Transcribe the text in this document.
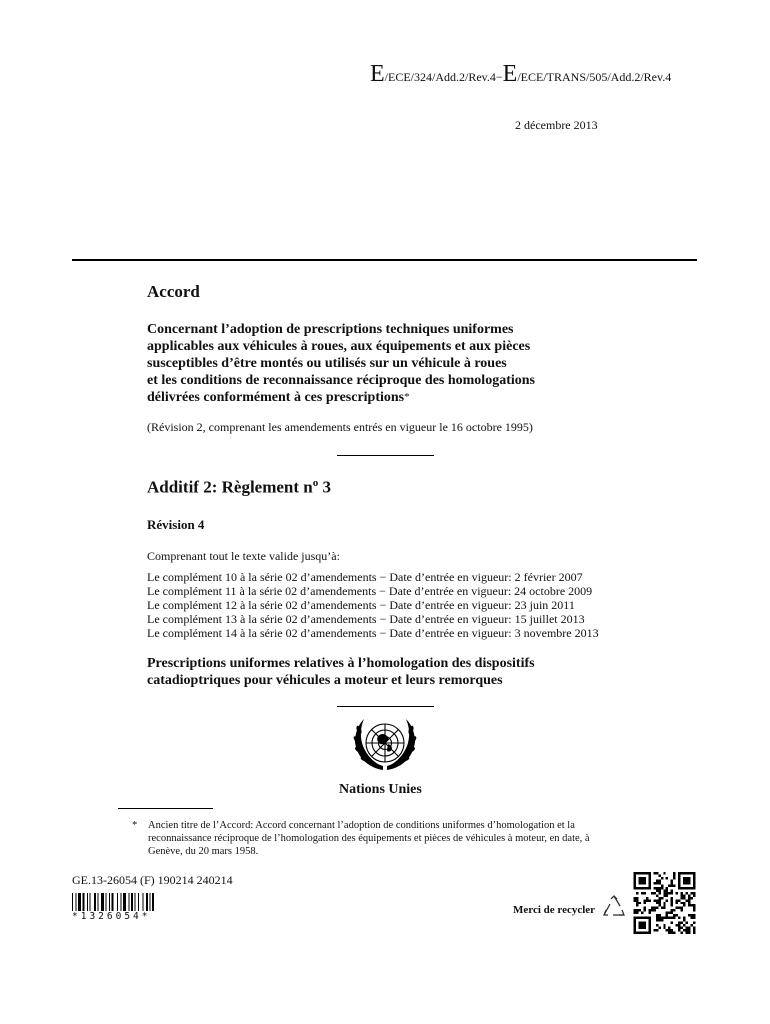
E/ECE/324/Add.2/Rev.4−E/ECE/TRANS/505/Add.2/Rev.4
2 décembre 2013
Accord
Concernant l’adoption de prescriptions techniques uniformes
applicables aux véhicules à roues, aux équipements et aux pièces
susceptibles d’être montés ou utilisés sur un véhicule à roues
et les conditions de reconnaissance réciproque des homologations
délivrées conformément à ces prescriptions*
(Révision 2, comprenant les amendements entrés en vigueur le 16 octobre 1995)
Additif 2: Règlement $n^o$ 3
Révision 4
Comprenant tout le texte valide jusqu’à:
Le complément 10 à la série 02 d’amendements − Date d’entrée en vigueur: 2 février 2007
Le complément 11 à la série 02 d’amendements − Date d’entrée en vigueur: 24 octobre 2009
Le complément 12 à la série 02 d’amendements − Date d’entrée en vigueur: 23 juin 2011
Le complément 13 à la série 02 d’amendements − Date d’entrée en vigueur: 15 juillet 2013
Le complément 14 à la série 02 d’amendements − Date d’entrée en vigueur: 3 novembre 2013
Prescriptions uniformes relatives à l’homologation des dispositifs
catadioptriques pour véhicules a moteur et leurs remorques
Nations Unies
* Ancien titre de l’Accord: Accord concernant l’adoption de conditions uniformes d’homologation et la reconnaissance réciproque de l’homologation des équipements et pièces de véhicules à moteur, en date, à Genève, du 20 mars 1958.
GE.13-26054 (F) 190214 240214
*1326054*
Merci de recycler
